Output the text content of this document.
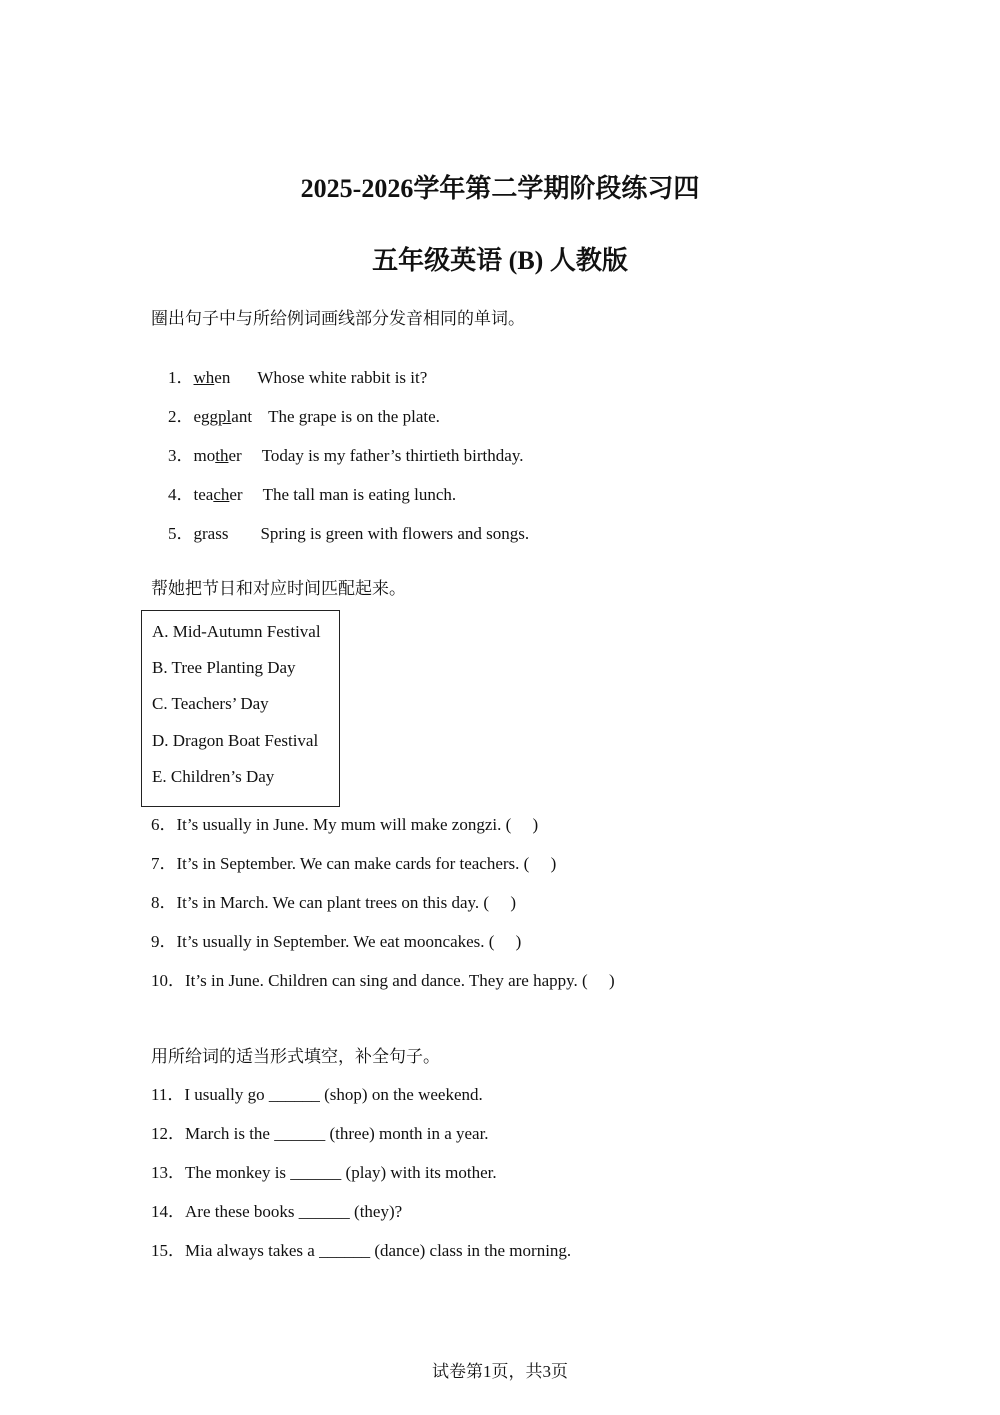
2025-2026学年第二学期阶段练习四
五年级英语 (B) 人教版
圈出句子中与所给例词画线部分发音相同的单词。

1．when Whose white rabbit is it?

2．eggplant The grape is on the plate.

3．mother Today is my father’s thirtieth birthday.

4．teacher The tall man is eating lunch.

5．grass Spring is green with flowers and songs.

帮她把节日和对应时间匹配起来。
A. Mid-Autumn Festival
B. Tree Planting Day
C. Teachers’ Day
D. Dragon Boat Festival
E. Children’s Day
6．It’s usually in June. My mum will make zongzi. (     )
7．It’s in September. We can make cards for teachers. (     )
8．It’s in March. We can plant trees on this day. (     )
9．It’s usually in September. We eat mooncakes. (     )
10．It’s in June. Children can sing and dance. They are happy. (     )
用所给词的适当形式填空，补全句子。
11．I usually go ______ (shop) on the weekend.
12．March is the ______ (three) month in a year.
13．The monkey is ______ (play) with its mother.
14．Are these books ______ (they)?
15．Mia always takes a ______ (dance) class in the morning.
试卷第1页，共3页
